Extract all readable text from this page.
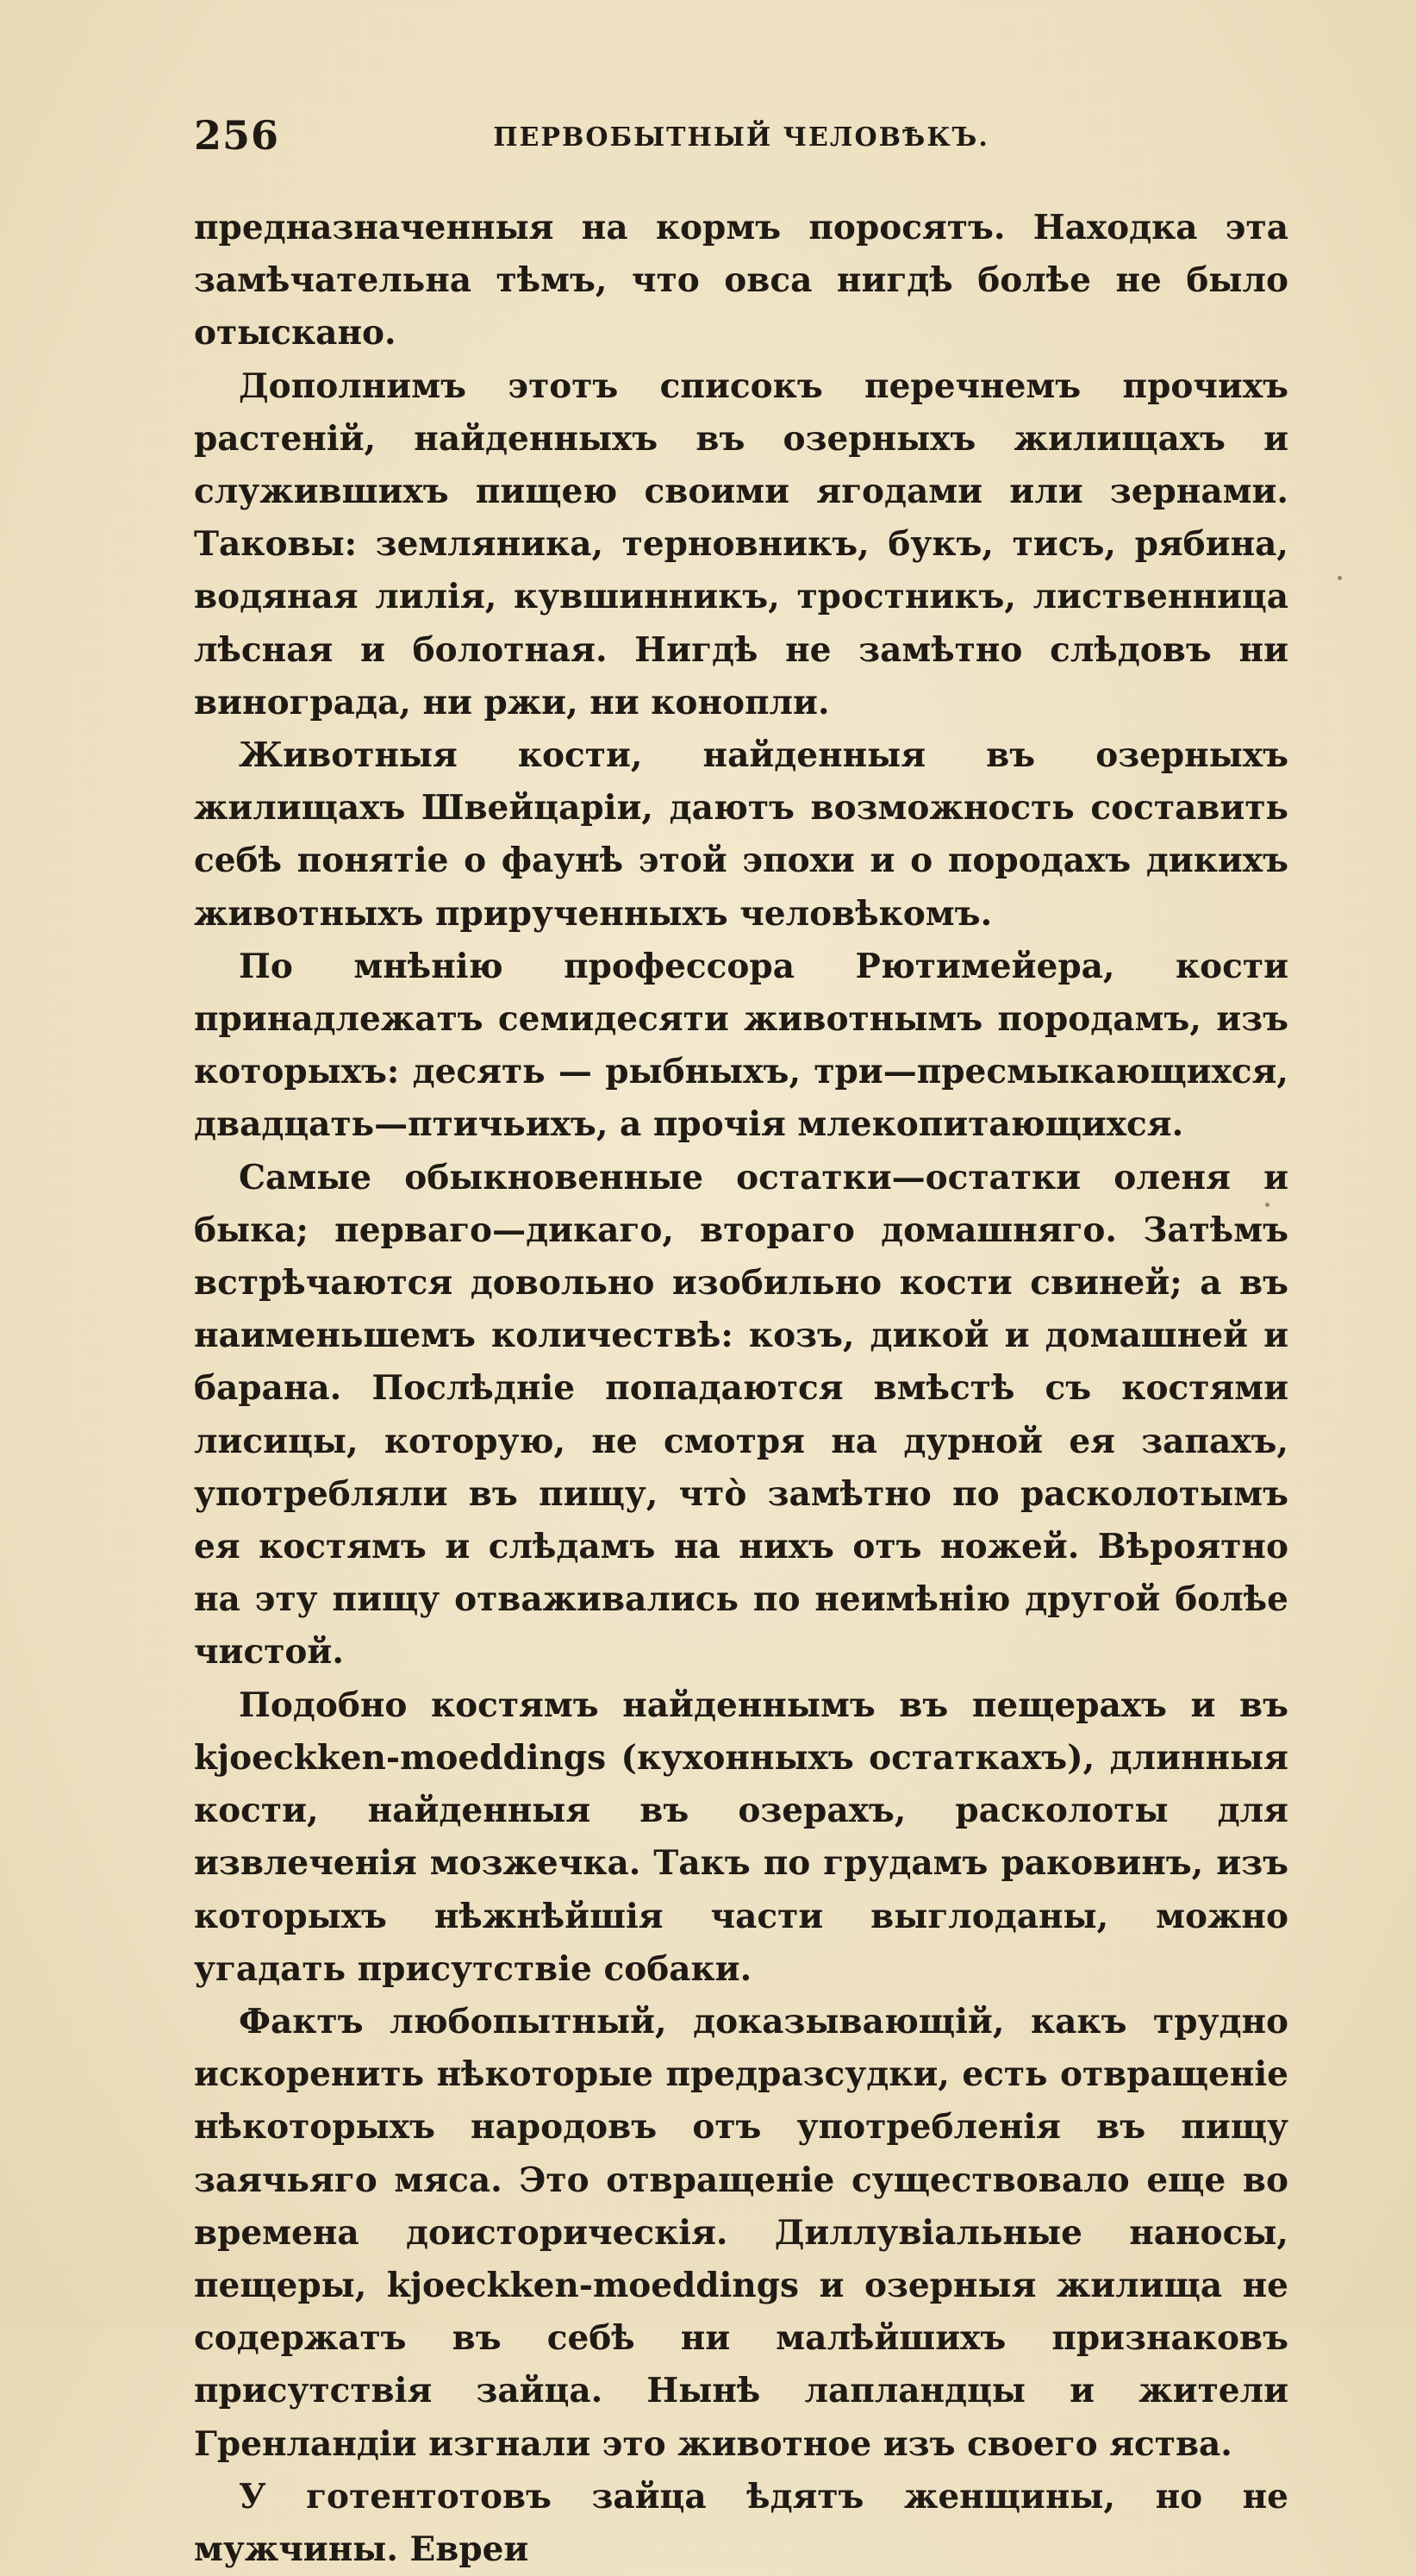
256	ПЕРВОБЫТНЫЙ ЧЕЛОВѢКЪ.

предназначенныя на кормъ поросятъ. Находка эта замѣчательна тѣмъ, что овса нигдѣ болѣе не было отыскано.

Дополнимъ этотъ списокъ перечнемъ прочихъ растеній, найденныхъ въ озерныхъ жилищахъ и служившихъ пищею своими ягодами или зернами. Таковы: земляника, терновникъ, букъ, тисъ, рябина, водяная лилія, кувшинникъ, тростникъ, лиственница лѣсная и болотная. Нигдѣ не замѣтно слѣдовъ ни винограда, ни ржи, ни конопли.

Животныя кости, найденныя въ озерныхъ жилищахъ Швейцаріи, даютъ возможность составить себѣ понятіе о фаунѣ этой эпохи и о породахъ дикихъ животныхъ прирученныхъ человѣкомъ.

По мнѣнію профессора Рютимейера, кости принадлежатъ семидесяти животнымъ породамъ, изъ которыхъ: десять — рыбныхъ, три—пресмыкающихся, двадцать—птичьихъ, а прочія млекопитающихся.

Самые обыкновенные остатки—остатки оленя и быка; перваго—дикаго, втораго домашняго. Затѣмъ встрѣчаются довольно изобильно кости свиней; а въ наименьшемъ количествѣ: козъ, дикой и домашней и барана. Послѣдніе попадаются вмѣстѣ съ костями лисицы, которую, не смотря на дурной ея запахъ, употребляли въ пищу, что̀ замѣтно по расколотымъ ея костямъ и слѣдамъ на нихъ отъ ножей. Вѣроятно на эту пищу отваживались по неимѣнію другой болѣе чистой.

Подобно костямъ найденнымъ въ пещерахъ и въ kjoeckken-moeddings (кухонныхъ остаткахъ), длинныя кости, найденныя въ озерахъ, расколоты для извлеченія мозжечка. Такъ по грудамъ раковинъ, изъ которыхъ нѣжнѣйшія части выглоданы, можно угадать присутствіе собаки.

Фактъ любопытный, доказывающій, какъ трудно искоренить нѣкоторые предразсудки, есть отвращеніе нѣкоторыхъ народовъ отъ употребленія въ пищу заячьяго мяса. Это отвращеніе существовало еще во времена доисторическія. Диллувіальные наносы, пещеры, kjoeckken-moeddings и озерныя жилища не содержатъ въ себѣ ни малѣйшихъ признаковъ присутствія зайца. Нынѣ лапландцы и жители Гренландіи изгнали это животное изъ своего яства.

У готентотовъ зайца ѣдятъ женщины, но не мужчины. Евреи
